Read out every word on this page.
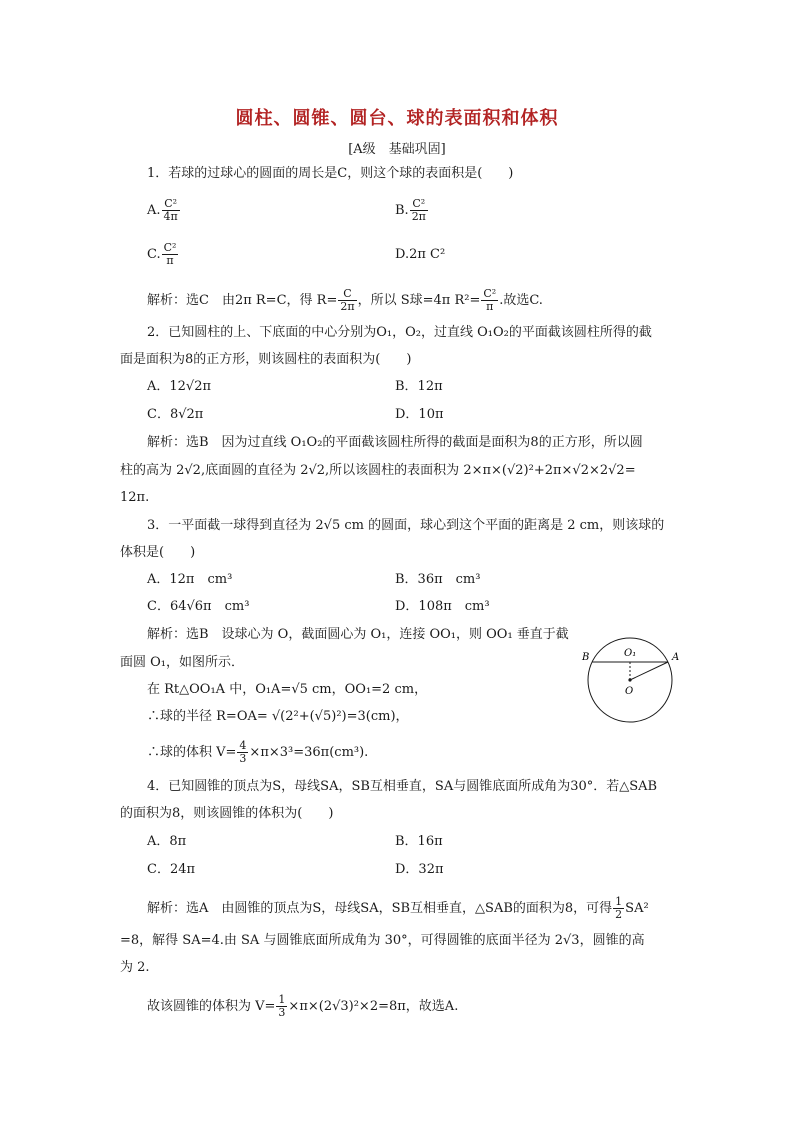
圆柱、圆锥、圆台、球的表面积和体积
[A级　基础巩固]
1．若球的过球心的圆面的周长是C，则这个球的表面积是(　　)
A. $\frac{\text{C²}}{4\pi}$	B. $\frac{\text{C²}}{2\pi}$
C. $\frac{\text{C²}}{\pi}$	D.2π C²
解析：选C　由2π R=C，得 $R= \frac{C}{2\pi}$ ，所以 S球=4π $R^2= \frac{\text{C²}}{\pi}$ .故选C.
2．已知圆柱的上、下底面的中心分别为O₁，O₂，过直线 O₁O₂的平面截该圆柱所得的截
面是面积为8的正方形，则该圆柱的表面积为(　　)
A．12√2π	B．12π
C．8√2π	D．10π
解析：选B　因为过直线 O₁O₂的平面截该圆柱所得的截面是面积为8的正方形，所以圆
柱的高为 2√2,底面圆的直径为 2√2,所以该圆柱的表面积为 2×π×(√2)²+2π×√2×2√2=
12π.
3．一平面截一球得到直径为 2√5 cm 的圆面，球心到这个平面的距离是 2 cm，则该球的
体积是(　　)
A．12π　cm³	B．36π　cm³
C．64√6π　cm³	D．108π　cm³
解析：选B　设球心为 O，截面圆心为 O₁，连接 OO₁，则 OO₁ 垂直于截
面圆 O₁，如图所示．
在 Rt△OO₁A 中，O₁A=√5 cm，OO₁=2 cm，
∴球的半径 R=OA= √(2²+(√5)²)=3(cm)，
∴球的体积 $V= \frac{4}{3} \times\pi\times 3^3=36\pi(cm^3)$.
B	O₁	A
O
4．已知圆锥的顶点为S，母线SA，SB互相垂直，SA与圆锥底面所成角为30°．若△SAB
的面积为8，则该圆锥的体积为(　　)
A．8π	B．16π
C．24π	D．32π
解析：选A　由圆锥的顶点为S，母线SA，SB互相垂直，△SAB的面积为8，可得 $\frac{1}{2} SA^2$
=8，解得 SA=4.由 SA 与圆锥底面所成角为 30°，可得圆锥的底面半径为 2√3，圆锥的高
为 2.
故该圆锥的体积为 $V= \frac{1}{3} \times\pi\times(2√3)^2\times 2=8\pi$，故选A.
